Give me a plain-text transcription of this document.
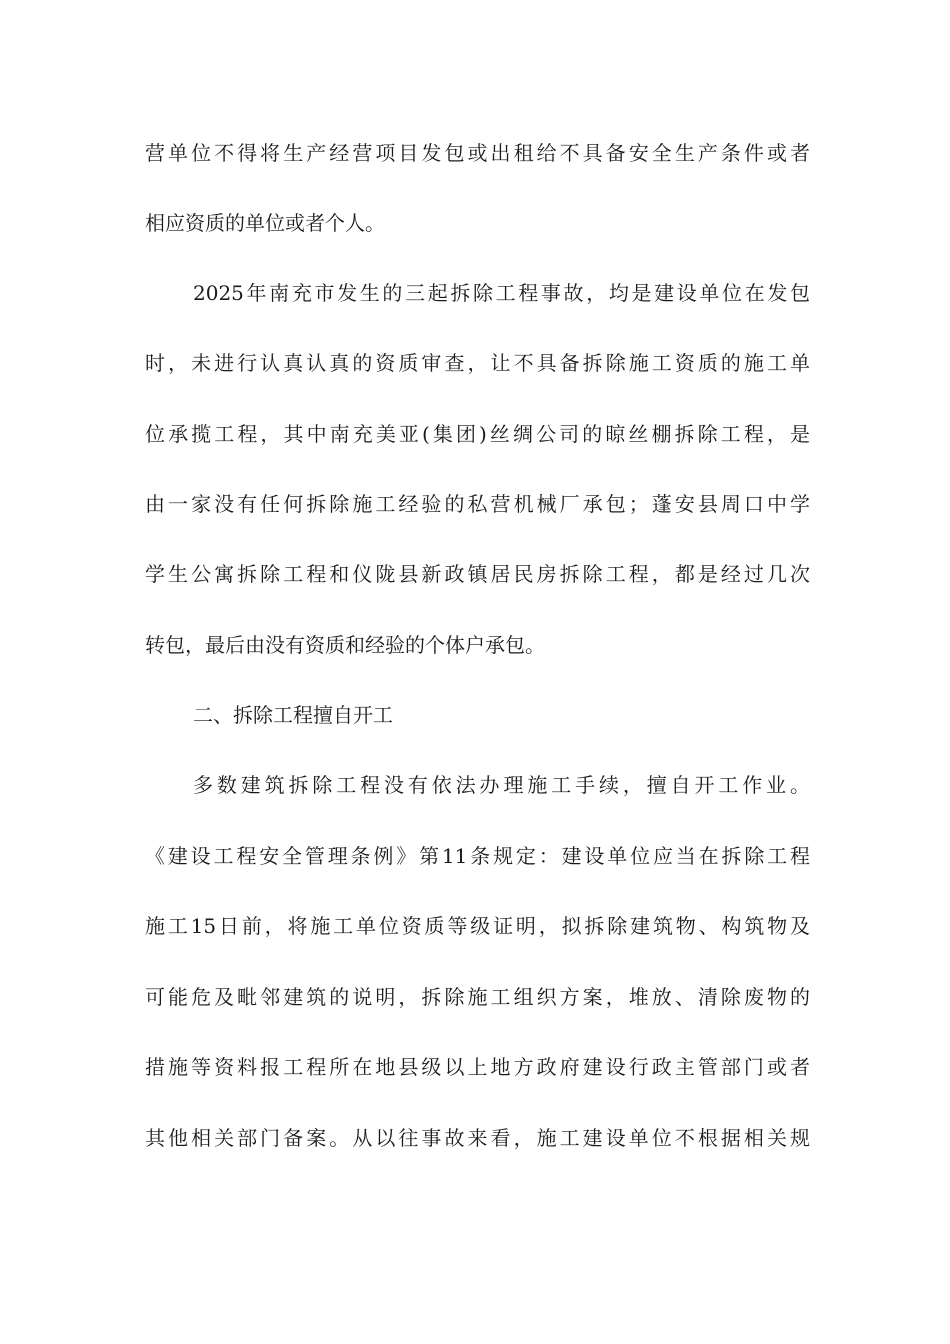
营单位不得将生产经营项目发包或出租给不具备安全生产条件或者
相应资质的单位或者个人。
2025年南充市发生的三起拆除工程事故，均是建设单位在发包
时，未进行认真认真的资质审查，让不具备拆除施工资质的施工单
位承揽工程，其中南充美亚(集团)丝绸公司的晾丝棚拆除工程，是
由一家没有任何拆除施工经验的私营机械厂承包；蓬安县周口中学
学生公寓拆除工程和仪陇县新政镇居民房拆除工程，都是经过几次
转包，最后由没有资质和经验的个体户承包。
二、拆除工程擅自开工
多数建筑拆除工程没有依法办理施工手续，擅自开工作业。
《建设工程安全管理条例》第11条规定：建设单位应当在拆除工程
施工15日前，将施工单位资质等级证明，拟拆除建筑物、构筑物及
可能危及毗邻建筑的说明，拆除施工组织方案，堆放、清除废物的
措施等资料报工程所在地县级以上地方政府建设行政主管部门或者
其他相关部门备案。从以往事故来看，施工建设单位不根据相关规
